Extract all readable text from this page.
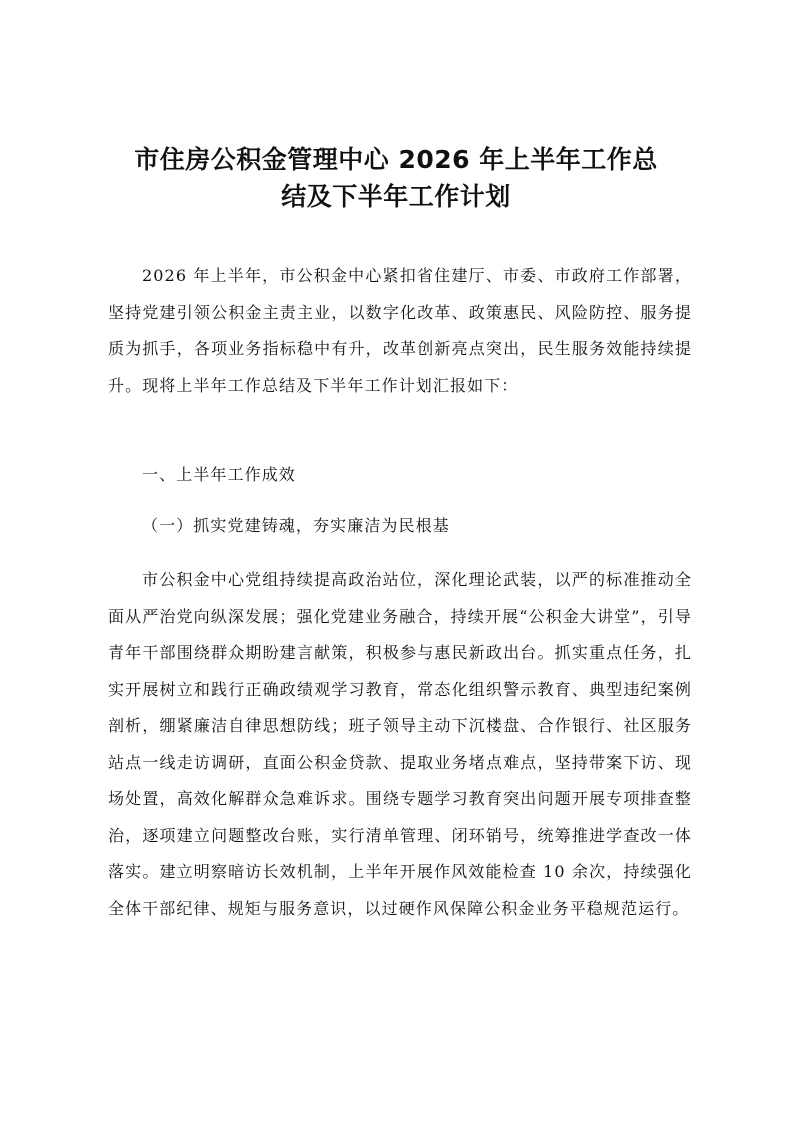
市住房公积金管理中心 2026 年上半年工作总
结及下半年工作计划

2026 年上半年，市公积金中心紧扣省住建厅、市委、市政府工作部署，坚持党建引领公积金主责主业，以数字化改革、政策惠民、风险防控、服务提质为抓手，各项业务指标稳中有升，改革创新亮点突出，民生服务效能持续提升。现将上半年工作总结及下半年工作计划汇报如下：

一、上半年工作成效

（一）抓实党建铸魂，夯实廉洁为民根基

市公积金中心党组持续提高政治站位，深化理论武装，以严的标准推动全面从严治党向纵深发展；强化党建业务融合，持续开展“公积金大讲堂”，引导青年干部围绕群众期盼建言献策，积极参与惠民新政出台。抓实重点任务，扎实开展树立和践行正确政绩观学习教育，常态化组织警示教育、典型违纪案例剖析，绷紧廉洁自律思想防线；班子领导主动下沉楼盘、合作银行、社区服务站点一线走访调研，直面公积金贷款、提取业务堵点难点，坚持带案下访、现场处置，高效化解群众急难诉求。围绕专题学习教育突出问题开展专项排查整治，逐项建立问题整改台账，实行清单管理、闭环销号，统筹推进学查改一体落实。建立明察暗访长效机制，上半年开展作风效能检查 10 余次，持续强化全体干部纪律、规矩与服务意识，以过硬作风保障公积金业务平稳规范运行。
